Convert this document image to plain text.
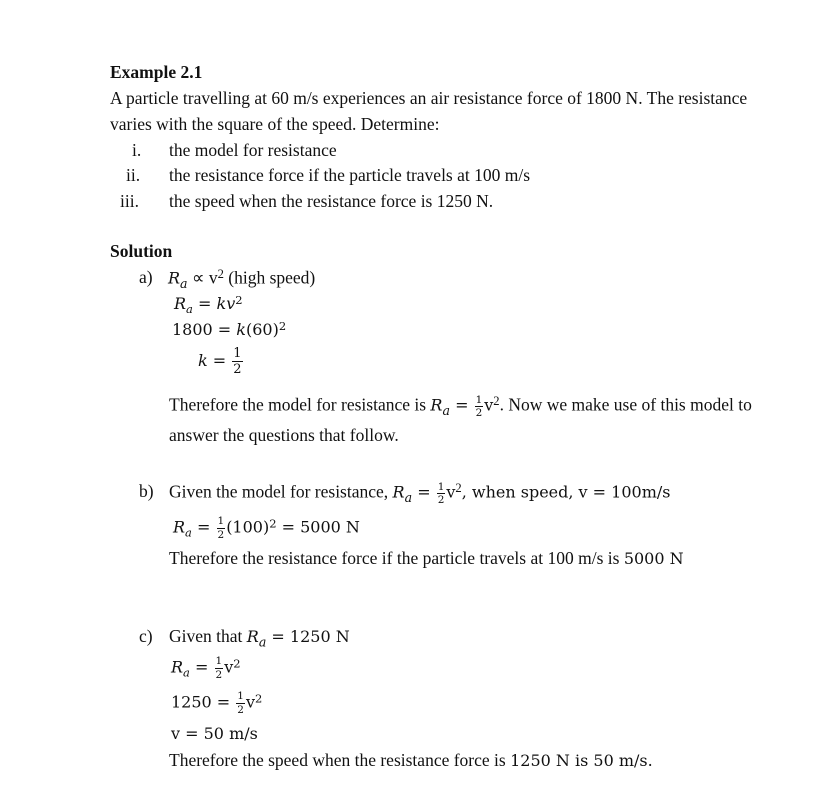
Example 2.1
A particle travelling at 60 m/s experiences an air resistance force of 1800 N. The resistance
varies with the square of the speed. Determine:
i. the model for resistance
ii. the resistance force if the particle travels at 100 m/s
iii. the speed when the resistance force is 1250 N.
Solution
a) $R_a \propto v^2$ (high speed)
$R_a = kv^2$
$1800 = k(60)^2$
$k = \frac{1}{2}$
Therefore the model for resistance is $R_a = \frac{1}{2} v^2$. Now we make use of this model to
answer the questions that follow.
b) Given the model for resistance, $R_a = \frac{1}{2} v^2$, when speed, v = 100m/s
$R_a = \frac{1}{2} (100)^2 = 5000$ N
Therefore the resistance force if the particle travels at 100 m/s is 5000 N
c) Given that $R_a = 1250$ N
$R_a = \frac{1}{2} v^2$
$1250 = \frac{1}{2} v^2$
v = 50 m/s
Therefore the speed when the resistance force is 1250 N is 50 m/s.
